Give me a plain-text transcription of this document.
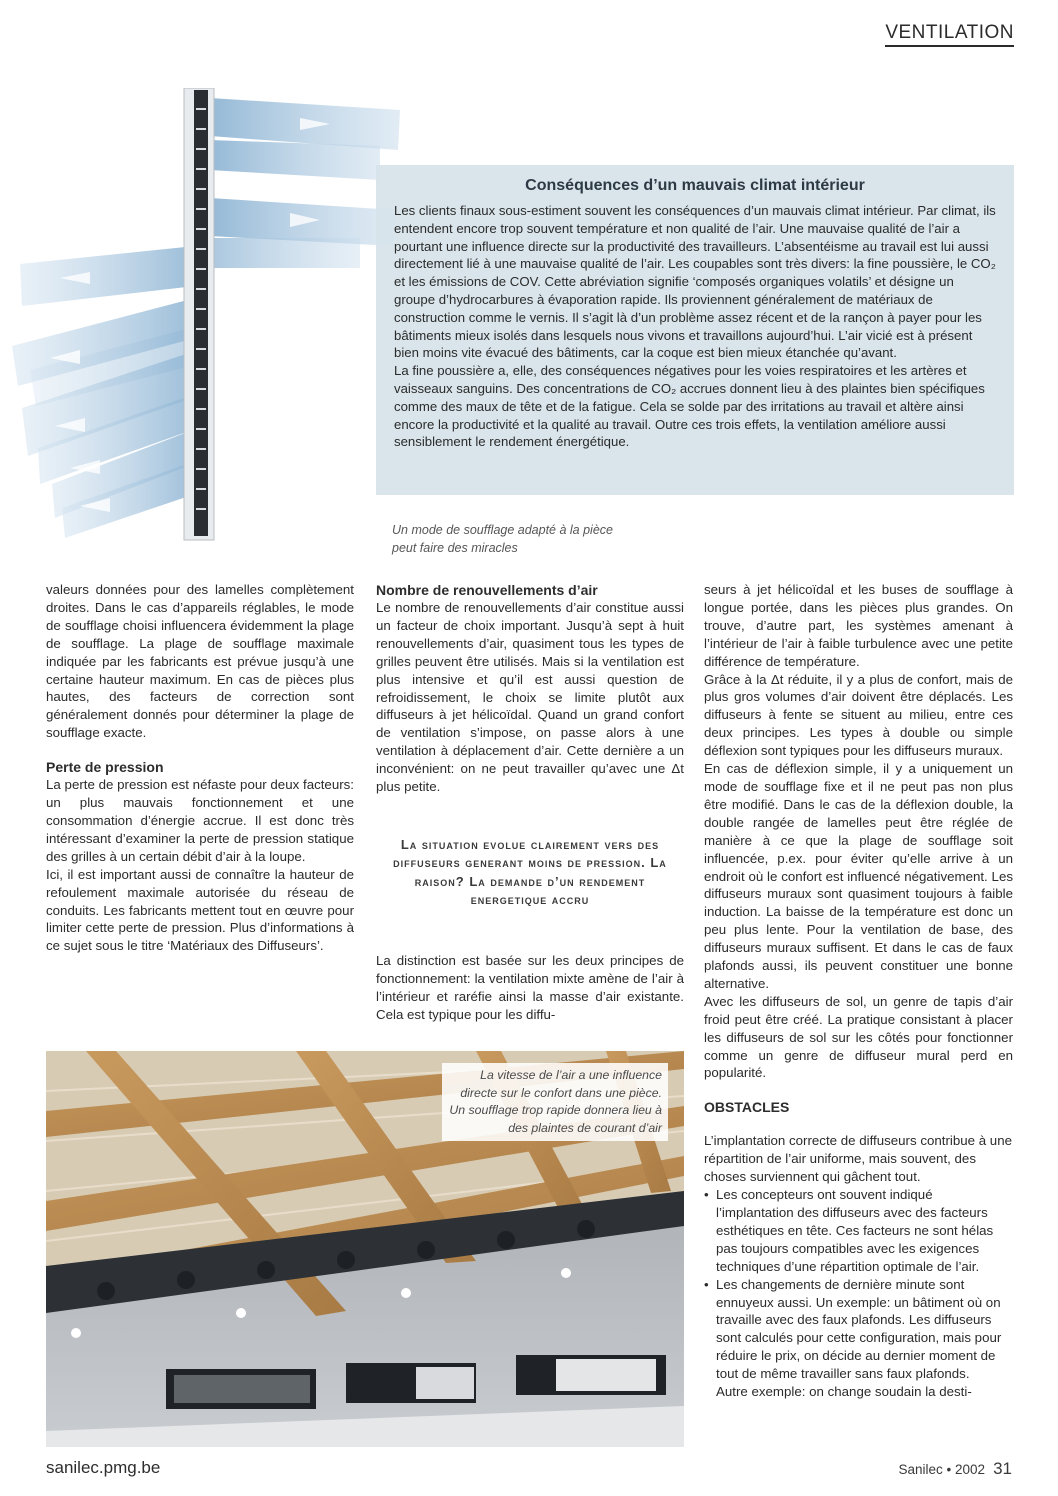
VENTILATION
Un mode de soufflage adapté à la pièce
peut faire des miracles
Conséquences d’un mauvais climat intérieur

Les clients finaux sous-estiment souvent les conséquences d’un mauvais climat intérieur. Par climat, ils entendent encore trop souvent température et non qualité de l’air. Une mauvaise qualité de l’air a pourtant une influence directe sur la productivité des travailleurs. L’absentéisme au travail est lui aussi directement lié à une mauvaise qualité de l’air. Les coupables sont très divers: la fine poussière, le CO₂ et les émissions de COV. Cette abréviation signifie ‘composés organiques volatils’ et désigne un groupe d’hydrocarbures à évaporation rapide. Ils proviennent généralement de matériaux de construction comme le vernis. Il s’agit là d’un problème assez récent et de la rançon à payer pour les bâtiments mieux isolés dans lesquels nous vivons et travaillons aujourd’hui. L’air vicié est à présent bien moins vite évacué des bâtiments, car la coque est bien mieux étanchée qu’avant.

La fine poussière a, elle, des conséquences négatives pour les voies respiratoires et les artères et vaisseaux sanguins. Des concentrations de CO₂ accrues donnent lieu à des plaintes bien spécifiques comme des maux de tête et de la fatigue. Cela se solde par des irritations au travail et altère ainsi encore la productivité et la qualité au travail. Outre ces trois effets, la ventilation améliore aussi sensiblement le rendement énergétique.

valeurs données pour des lamelles complètement droites. Dans le cas d’appareils réglables, le mode de soufflage choisi influencera évidemment la plage de soufflage. La plage de soufflage maximale indiquée par les fabricants est prévue jusqu’à une certaine hauteur maximum. En cas de pièces plus hautes, des facteurs de correction sont généralement donnés pour déterminer la plage de soufflage exacte.

Perte de pression

La perte de pression est néfaste pour deux facteurs: un plus mauvais fonctionnement et une consommation d’énergie accrue. Il est donc très intéressant d’examiner la perte de pression statique des grilles à un certain débit d’air à la loupe.

Ici, il est important aussi de connaître la hauteur de refoulement maximale autorisée du réseau de conduits. Les fabricants mettent tout en œuvre pour limiter cette perte de pression. Plus d’informations à ce sujet sous le titre ‘Matériaux des Diffuseurs’.

Nombre de renouvellements d’air

Le nombre de renouvellements d’air constitue aussi un facteur de choix important. Jusqu’à sept à huit renouvellements d’air, quasiment tous les types de grilles peuvent être utilisés. Mais si la ventilation est plus intensive et qu’il est aussi question de refroidissement, le choix se limite plutôt aux diffuseurs à jet hélicoïdal. Quand un grand confort de ventilation s’impose, on passe alors à une ventilation à déplacement d’air. Cette dernière a un inconvénient: on ne peut travailler qu’avec une Δt plus petite.

La situation evolue clairement vers des diffuseurs generant moins de pression. La raison? La demande d’un rendement energetique accru

La distinction est basée sur les deux principes de fonctionnement: la ventilation mixte amène de l’air à l’intérieur et raréfie ainsi la masse d’air existante. Cela est typique pour les diffu-

seurs à jet hélicoïdal et les buses de soufflage à longue portée, dans les pièces plus grandes. On trouve, d’autre part, les systèmes amenant à l’intérieur de l’air à faible turbulence avec une petite différence de température.

Grâce à la Δt réduite, il y a plus de confort, mais de plus gros volumes d’air doivent être déplacés. Les diffuseurs à fente se situent au milieu, entre ces deux principes. Les types à double ou simple déflexion sont typiques pour les diffuseurs muraux.

En cas de déflexion simple, il y a uniquement un mode de soufflage fixe et il ne peut pas non plus être modifié. Dans le cas de la déflexion double, la double rangée de lamelles peut être réglée de manière à ce que la plage de soufflage soit influencée, p.ex. pour éviter qu’elle arrive à un endroit où le confort est influencé négativement. Les diffuseurs muraux sont quasiment toujours à faible induction. La baisse de la température est donc un peu plus lente. Pour la ventilation de base, des diffuseurs muraux suffisent. Et dans le cas de faux plafonds aussi, ils peuvent constituer une bonne alternative.

Avec les diffuseurs de sol, un genre de tapis d’air froid peut être créé. La pratique consistant à placer les diffuseurs de sol sur les côtés pour fonctionner comme un genre de diffuseur mural perd en popularité.

OBSTACLES

L’implantation correcte de diffuseurs contribue à une répartition de l’air uniforme, mais souvent, des choses surviennent qui gâchent tout.

• Les concepteurs ont souvent indiqué l’implantation des diffuseurs avec des facteurs esthétiques en tête. Ces facteurs ne sont hélas pas toujours compatibles avec les exigences techniques d’une répartition optimale de l’air.
• Les changements de dernière minute sont ennuyeux aussi. Un exemple: un bâtiment où on travaille avec des faux plafonds. Les diffuseurs sont calculés pour cette configuration, mais pour réduire le prix, on décide au dernier moment de tout de même travailler sans faux plafonds.
Autre exemple: on change soudain la desti-
La vitesse de l’air a une influence directe sur le confort dans une pièce. Un soufflage trop rapide donnera lieu à des plaintes de courant d’air
sanilec.pmg.be	Sanilec • 2002 31
